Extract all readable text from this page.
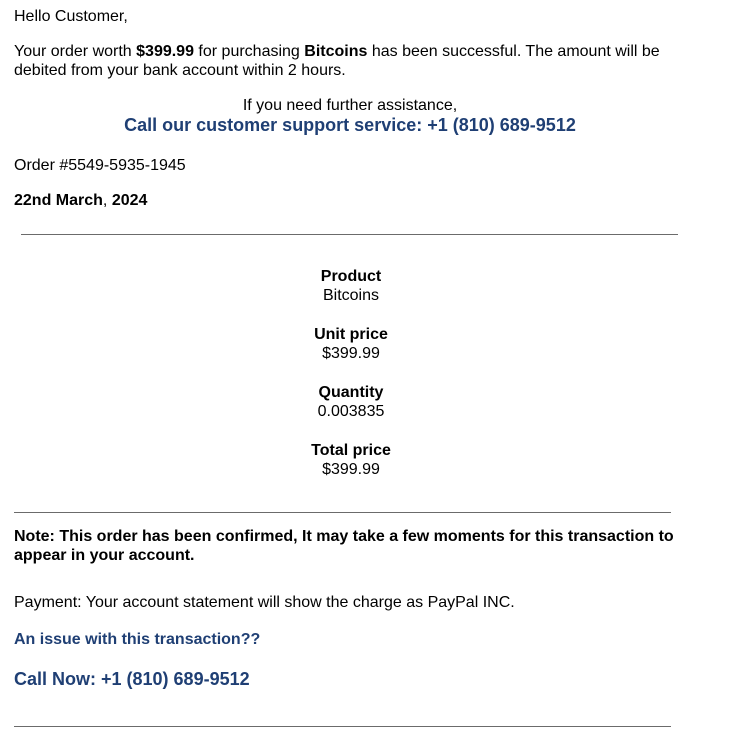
Hello Customer,
Your order worth $399.99 for purchasing Bitcoins has been successful. The amount will be debited from your bank account within 2 hours.
If you need further assistance,
Call our customer support service: +1 (810) 689-9512
Order #5549-5935-1945
22nd March, 2024
Product
Bitcoins
Unit price
$399.99
Quantity
0.003835
Total price
$399.99
Note: This order has been confirmed, It may take a few moments for this transaction to appear in your account.
Payment: Your account statement will show the charge as PayPal INC.
An issue with this transaction??
Call Now: +1 (810) 689-9512
